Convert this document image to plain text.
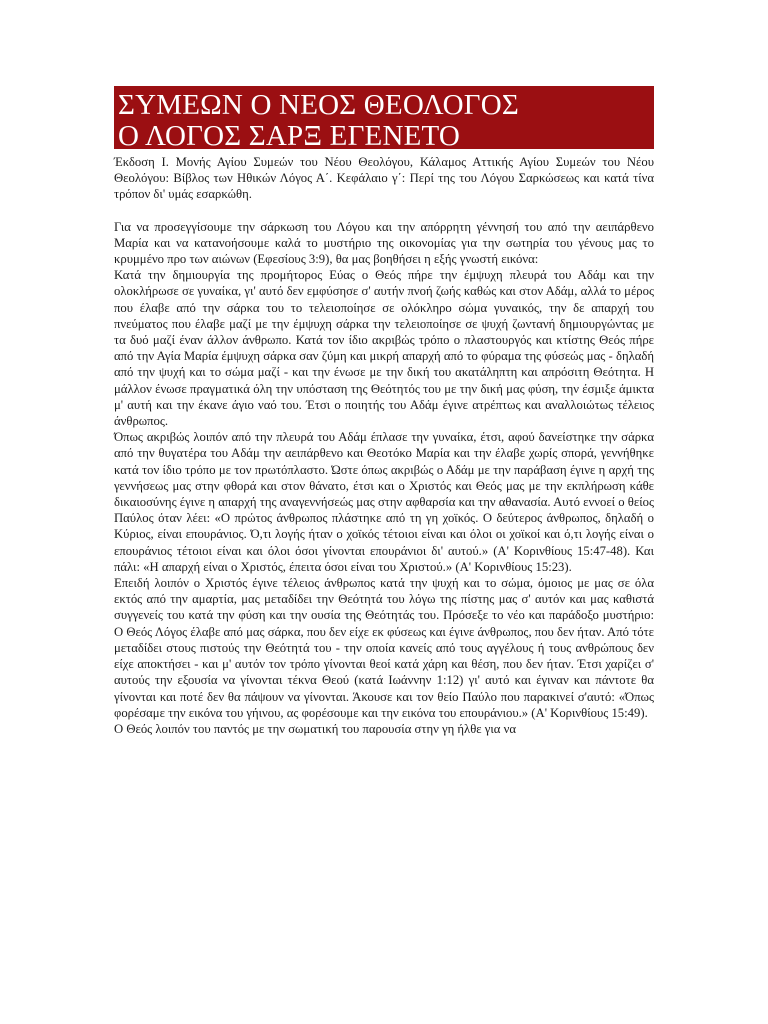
ΣΥΜΕΩΝ Ο ΝΕΟΣ ΘΕΟΛΟΓΟΣ
Ο ΛΟΓΟΣ ΣΑΡΞ ΕΓΕΝΕΤΟ

Έκδοση Ι. Μονής Αγίου Συμεών του Νέου Θεολόγου, Κάλαμος Αττικής Αγίου Συμεών του Νέου Θεολόγου: Βίβλος των Ηθικών Λόγος Α΄. Κεφάλαιο γ΄: Περί της του Λόγου Σαρκώσεως και κατά τίνα τρόπον δι' υμάς εσαρκώθη.

Για να προσεγγίσουμε την σάρκωση του Λόγου και την απόρρητη γέννησή του από την αειπάρθενο Μαρία και να κατανοήσουμε καλά το μυστήριο της οικονομίας για την σωτηρία του γένους μας το κρυμμένο προ των αιώνων (Εφεσίους 3:9), θα μας βοηθήσει η εξής γνωστή εικόνα:

Κατά την δημιουργία της προμήτορος Εύας ο Θεός πήρε την έμψυχη πλευρά του Αδάμ και την ολοκλήρωσε σε γυναίκα, γι' αυτό δεν εμφύσησε σ' αυτήν πνοή ζωής καθώς και στον Αδάμ, αλλά το μέρος που έλαβε από την σάρκα του το τελειοποίησε σε ολόκληρο σώμα γυναικός, την δε απαρχή του πνεύματος που έλαβε μαζί με την έμψυχη σάρκα την τελειοποίησε σε ψυχή ζωντανή δημιουργώντας με τα δυό μαζί έναν άλλον άνθρωπο. Κατά τον ίδιο ακριβώς τρόπο ο πλαστουργός και κτίστης Θεός πήρε από την Αγία Μαρία έμψυχη σάρκα σαν ζύμη και μικρή απαρχή από το φύραμα της φύσεώς μας - δηλαδή από την ψυχή και το σώμα μαζί - και την ένωσε με την δική του ακατάληπτη και απρόσιτη Θεότητα. Η μάλλον ένωσε πραγματικά όλη την υπόσταση της Θεότητός του με την δική μας φύση, την έσμιξε άμικτα μ' αυτή και την έκανε άγιο ναό του. Έτσι ο ποιητής του Αδάμ έγινε ατρέπτως και αναλλοιώτως τέλειος άνθρωπος.

Όπως ακριβώς λοιπόν από την πλευρά του Αδάμ έπλασε την γυναίκα, έτσι, αφού δανείστηκε την σάρκα από την θυγατέρα του Αδάμ την αειπάρθενο και Θεοτόκο Μαρία και την έλαβε χωρίς σπορά, γεννήθηκε κατά τον ίδιο τρόπο με τον πρωτόπλαστο. Ώστε όπως ακριβώς ο Αδάμ με την παράβαση έγινε η αρχή της γεννήσεως μας στην φθορά και στον θάνατο, έτσι και ο Χριστός και Θεός μας με την εκπλήρωση κάθε δικαιοσύνης έγινε η απαρχή της αναγεννήσεώς μας στην αφθαρσία και την αθανασία. Αυτό εννοεί ο θείος Παύλος όταν λέει: «Ο πρώτος άνθρωπος πλάστηκε από τη γη χοϊκός. Ο δεύτερος άνθρωπος, δηλαδή ο Κύριος, είναι επουράνιος. Ό,τι λογής ήταν ο χοϊκός τέτοιοι είναι και όλοι οι χοϊκοί και ό,τι λογής είναι ο επουράνιος τέτοιοι είναι και όλοι όσοι γίνονται επουράνιοι δι' αυτού.» (Α' Κορινθίους 15:47-48). Και πάλι: «Η απαρχή είναι ο Χριστός, έπειτα όσοι είναι του Χριστού.» (Α' Κορινθίους 15:23).

Επειδή λοιπόν ο Χριστός έγινε τέλειος άνθρωπος κατά την ψυχή και το σώμα, όμοιος με μας σε όλα εκτός από την αμαρτία, μας μεταδίδει την Θεότητά του λόγω της πίστης μας σ' αυτόν και μας καθιστά συγγενείς του κατά την φύση και την ουσία της Θεότητάς του. Πρόσεξε το νέο και παράδοξο μυστήριο: Ο Θεός Λόγος έλαβε από μας σάρκα, που δεν είχε εκ φύσεως και έγινε άνθρωπος, που δεν ήταν. Από τότε μεταδίδει στους πιστούς την Θεότητά του - την οποία κανείς από τους αγγέλους ή τους ανθρώπους δεν είχε αποκτήσει - και μ' αυτόν τον τρόπο γίνονται θεοί κατά χάρη και θέση, που δεν ήταν. Έτσι χαρίζει σ' αυτούς την εξουσία να γίνονται τέκνα Θεού (κατά Ιωάννην 1:12) γι' αυτό και έγιναν και πάντοτε θα γίνονται και ποτέ δεν θα πάψουν να γίνονται. Άκουσε και τον θείο Παύλο που παρακινεί σ'αυτό: «Όπως φορέσαμε την εικόνα του γήινου, ας φορέσουμε και την εικόνα του επουράνιου.» (Α' Κορινθίους 15:49).

Ο Θεός λοιπόν του παντός με την σωματική του παρουσία στην γη ήλθε για να
